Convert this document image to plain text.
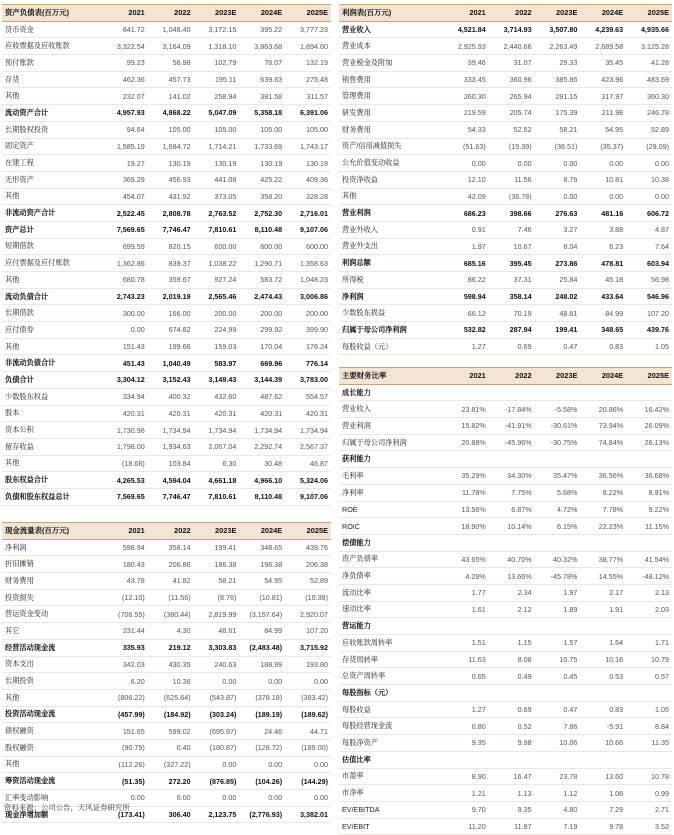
资产负债表(百万元)	2021	2022	2023E	2024E	2025E
货币资金	841.72	1,048.40	3,172.15	395.22	3,777.23
应收票据及应收账款	3,322.54	3,164.09	1,318.10	3,863.68	1,894.60
预付账款	99.23	56.98	102.79	78.07	132.19
存货	462.36	457.73	195.11	639.63	275.48
其他	232.07	141.02	258.94	381.58	311.57
流动资产合计	4,957.93	4,868.22	5,047.09	5,358.18	6,391.06
长期股权投资	94.64	105.00	105.00	105.00	105.00
固定资产	1,585.19	1,684.72	1,714.21	1,733.69	1,743.17
在建工程	19.27	130.19	130.19	130.19	130.19
无形资产	369.29	456.93	441.08	425.22	409.36
其他	454.07	431.92	373.05	358.20	328.28
非流动资产合计	2,522.45	2,808.78	2,763.52	2,752.30	2,716.01
资产总计	7,569.65	7,746.47	7,810.61	8,110.48	9,107.06
短期借款	699.59	820.15	600.00	600.00	600.00
应付票据及应付账款	1,362.86	839.37	1,038.22	1,290.71	1,358.63
其他	680.78	359.67	927.24	583.72	1,048.23
流动负债合计	2,743.23	2,019.19	2,565.46	2,474.43	3,006.86
长期借款	300.00	166.00	200.00	200.00	200.00
应付债券	0.00	674.82	224.99	299.92	399.90
其他	151.43	199.66	159.03	170.04	176.24
非流动负债合计	451.43	1,040.49	583.97	669.96	776.14
负债合计	3,304.12	3,152.43	3,149.43	3,144.39	3,783.00
少数股东权益	334.94	400.32	432.60	487.62	554.57
股本	420.31	420.31	420.31	420.31	420.31
资本公积	1,730.96	1,734.94	1,734.94	1,734.94	1,734.94
留存收益	1,798.00	1,934.63	2,067.04	2,292.74	2,567.37
其他	(18.68)	103.84	6.30	30.48	46.87
股东权益合计	4,265.53	4,594.04	4,661.18	4,966.10	5,324.06
负债和股东权益总计	7,569.65	7,746.47	7,810.61	8,110.48	9,107.06
利润表(百万元)	2021	2022	2023E	2024E	2025E
营业收入	4,521.84	3,714.93	3,507.80	4,239.63	4,935.66
营业成本	2,925.93	2,440.66	2,263.49	2,689.58	3,125.28
营业税金及附加	39.46	31.07	29.33	35.45	41.28
销售费用	333.45	360.96	385.86	423.96	483.69
管理费用	260.30	265.94	291.15	317.97	360.30
研发费用	219.59	205.74	175.39	211.98	246.78
财务费用	54.33	52.52	58.21	54.95	52.89
资产/信用减值损失	(51.63)	(15.39)	(36.51)	(35.37)	(29.09)
公允价值变动收益	0.00	0.00	0.00	0.00	0.00
投资净收益	12.10	11.56	8.76	10.81	10.38
其他	42.09	(36.78)	0.00	0.00	0.00
营业利润	686.23	398.66	276.63	481.16	606.72
营业外收入	0.91	7.46	3.27	3.88	4.87
营业外支出	1.97	10.67	6.04	6.23	7.64
利润总额	685.16	395.45	273.86	478.81	603.94
所得税	86.22	37.31	25.84	45.18	56.98
净利润	598.94	358.14	248.02	433.64	546.96
少数股东损益	66.12	70.19	48.61	84.99	107.20
归属于母公司净利润	532.82	287.94	199.41	348.65	439.76
每股收益（元）	1.27	0.69	0.47	0.83	1.05
主要财务比率	2021	2022	2023E	2024E	2025E
成长能力					
营业收入	23.81%	-17.84%	-5.58%	20.86%	16.42%
营业利润	15.82%	-41.91%	-30.61%	73.94%	26.09%
归属于母公司净利润	20.88%	-45.96%	-30.75%	74.84%	26.13%
获利能力					
毛利率	35.29%	34.30%	35.47%	36.56%	36.68%
净利率	11.78%	7.75%	5.68%	8.22%	8.91%
ROE	13.56%	6.87%	4.72%	7.78%	9.22%
ROIC	18.90%	10.14%	6.15%	22.23%	11.15%
偿债能力					
资产负债率	43.65%	40.70%	40.32%	38.77%	41.54%
净负债率	4.29%	13.66%	-45.78%	14.55%	-48.12%
流动比率	1.77	2.34	1.97	2.17	2.13
速动比率	1.61	2.12	1.89	1.91	2.03
营运能力					
应收账款周转率	1.51	1.15	1.57	1.64	1.71
存货周转率	11.63	8.08	10.75	10.16	10.79
总资产周转率	0.65	0.49	0.45	0.53	0.57
每股指标（元）					
每股收益	1.27	0.69	0.47	0.83	1.05
每股经营现金流	0.80	0.52	7.86	-5.91	8.84
每股净资产	9.35	9.98	10.06	10.66	11.35
估值比率					
市盈率	8.90	16.47	23.78	13.60	10.78
市净率	1.21	1.13	1.12	1.06	0.99
EV/EBITDA	9.70	9.35	4.80	7.29	2.71
EV/EBIT	11.20	11.87	7.19	9.78	3.52
现金流量表(百万元)	2021	2022	2023E	2024E	2025E
净利润	598.94	358.14	199.41	348.65	439.76
折旧摊销	180.43	206.86	186.38	196.38	206.38
财务费用	43.78	41.82	58.21	54.95	52.89
投资损失	(12.10)	(11.56)	(8.76)	(10.81)	(10.38)
营运资金变动	(706.55)	(380.44)	2,819.99	(3,157.64)	2,920.07
其它	231.44	4.30	48.61	84.99	107.20
经营活动现金流	335.93	219.12	3,303.83	(2,483.48)	3,715.92
资本支出	342.03	430.35	240.63	188.99	193.80
长期投资	6.20	10.36	0.00	0.00	0.00
其他	(806.22)	(625.64)	(543.87)	(378.18)	(383.42)
投资活动现金流	(457.99)	(184.92)	(303.24)	(189.19)	(189.62)
债权融资	151.65	599.02	(695.97)	24.46	44.71
股权融资	(90.75)	0.40	(180.87)	(128.72)	(189.00)
其他	(112.26)	(327.22)	0.00	0.00	0.00
筹资活动现金流	(51.35)	272.20	(876.85)	(104.26)	(144.29)
汇率变动影响	0.00	0.00	0.00	0.00	0.00
现金净增加额	(173.41)	306.40	2,123.75	(2,776.93)	3,382.01
资料来源：公司公告，天风证券研究所
